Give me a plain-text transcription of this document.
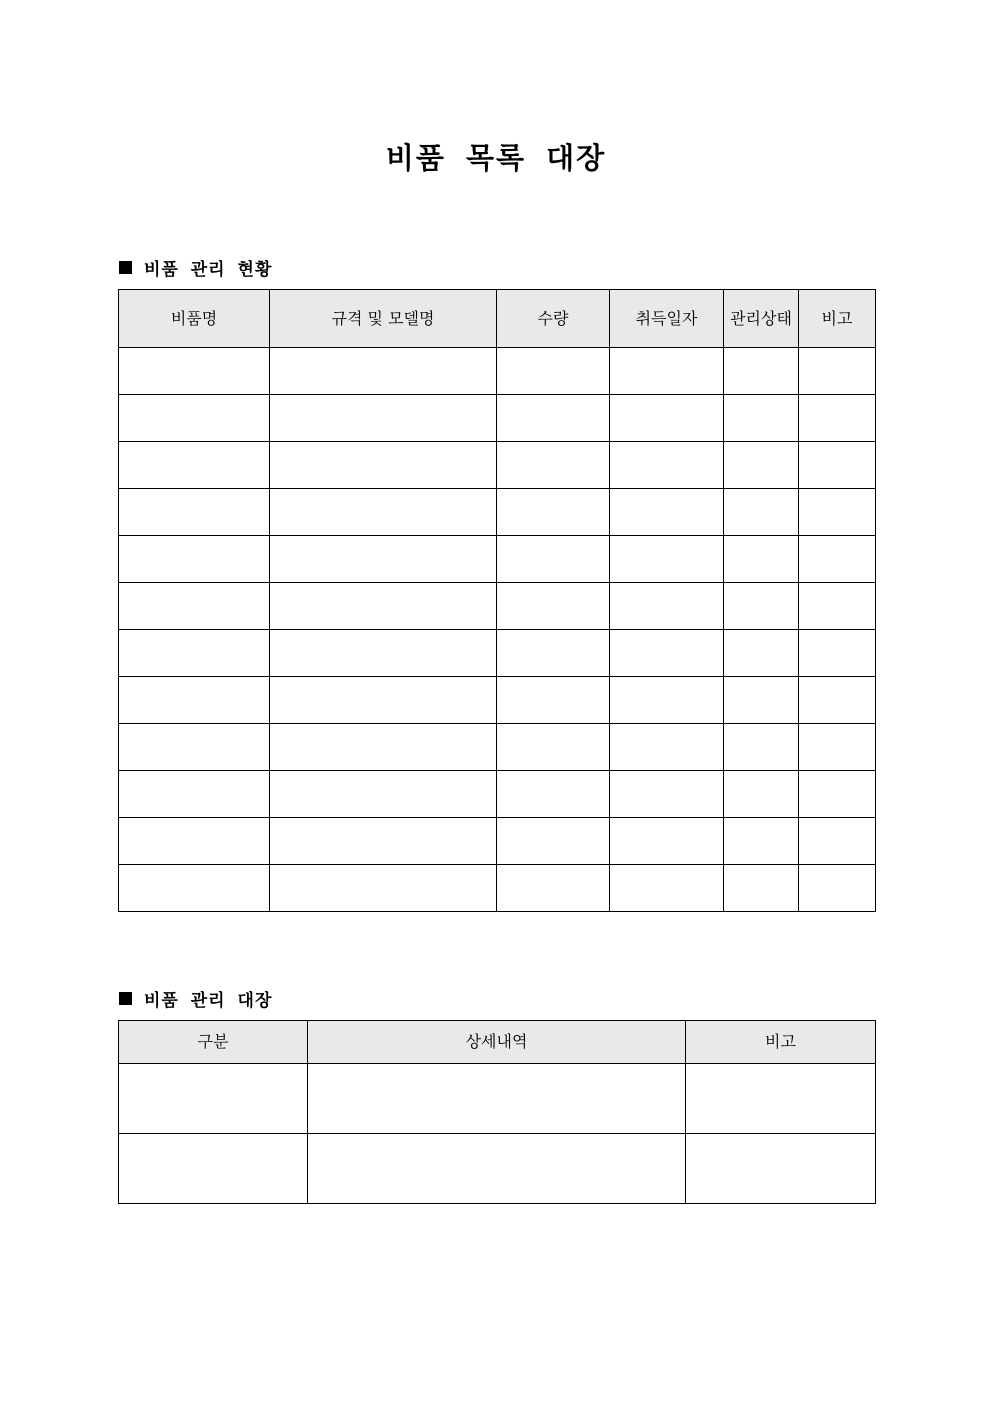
비품 목록 대장
비품 관리 현황
비품명	규격 및 모델명	수량	취득일자	관리상태	비고

비품 관리 대장
구분	상세내역	비고
